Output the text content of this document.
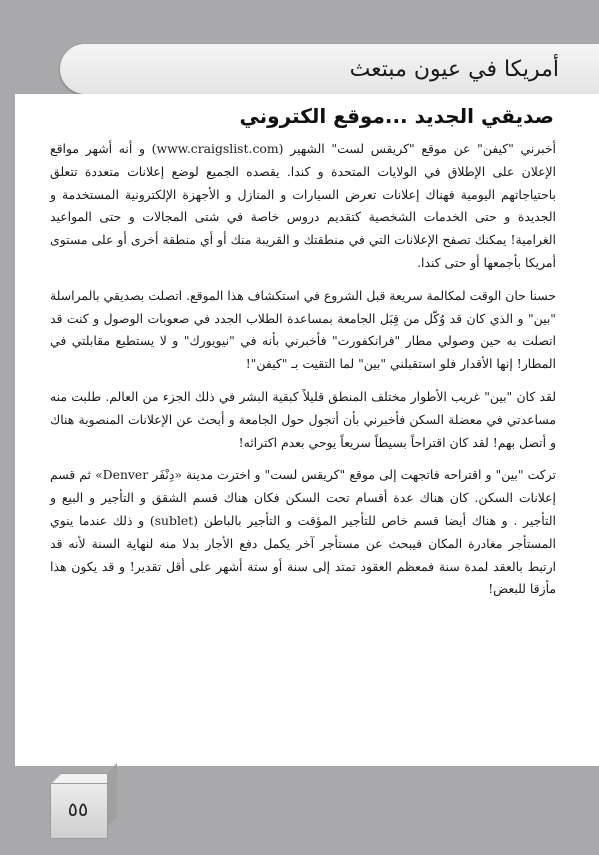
أمريكا في عيون مبتعث
صديقي الجديد ...موقع الكتروني

أخبرني "كيفن" عن موقع "كريقس لست" الشهير (www.craigslist.com) و أنه أشهر مواقع الإعلان على الإطلاق في الولايات المتحدة و كندا. يقصده الجميع لوضع إعلانات متعددة تتعلق باحتياجاتهم اليومية فهناك إعلانات تعرض السيارات و المنازل و الأجهزة الإلكترونية المستخدمة و الجديدة و حتى الخدمات الشخصية كتقديم دروس خاصة في شتى المجالات و حتى المواعيد الغرامية! يمكنك تصفح الإعلانات التي في منطقتك و القريبة منك أو أي منطقة أخرى أو على مستوى أمريكا بأجمعها أو حتى كندا.

حسنا حان الوقت لمكالمة سريعة قبل الشروع في استكشاف هذا الموقع. اتصلت بصديقي بالمراسلة "بين" و الذي كان قد وُكّل من قِبَل الجامعة بمساعدة الطلاب الجدد في صعوبات الوصول و كنت قد اتصلت به حين وصولي مطار "فرانكفورت" فأخبرني بأنه في "نيويورك" و لا يستطيع مقابلتي في المطار! إنها الأقدار فلو استقبلني "بين" لما التقيت بـ "كيفن"!

لقد كان "بين" غريب الأطوار مختلف المنطق قليلاً كبقية البشر في ذلك الجزء من العالم. طلبت منه مساعدتي في معضلة السكن فأخبرني بأن أتجول حول الجامعة و أبحث عن الإعلانات المنصوبة هناك و أتصل بهم! لقد كان اقتراحاً بسيطاً سريعاً يوحي بعدم اكتراثه!

تركت "بين" و اقتراحه فاتجهت إلى موقع "كريقس لست" و اخترت مدينة «دِنْفَر Denver» ثم قسم إعلانات السكن. كان هناك عدة أقسام تحت السكن فكان هناك قسم الشقق و التأجير و البيع و التأجير . و هناك أيضا قسم خاص للتأجير المؤقت و التأجير بالباطن (sublet) و ذلك عندما ينوي المستأجر مغادرة المكان فيبحث عن مستأجر آخر يكمل دفع الأجار بدلا منه لنهاية السنة لأنه قد ارتبط بالعقد لمدة سنة فمعظم العقود تمتد إلى سنة أو ستة أشهر على أقل تقدير! و قد يكون هذا مأزقا للبعض!

٥٥
